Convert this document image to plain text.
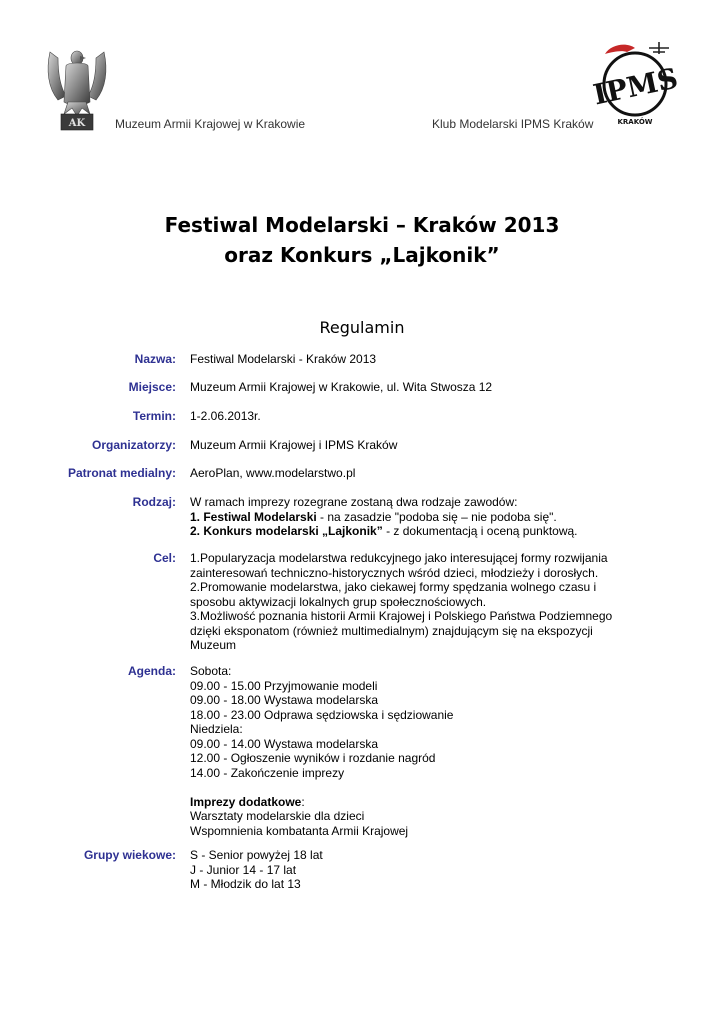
AK Muzeum Armii Krajowej w Krakowie	Klub Modelarski IPMS Kraków
IPMS
KRAKÓW
Festiwal Modelarski – Kraków 2013
oraz Konkurs „Lajkonik”
Regulamin
Nazwa: Festiwal Modelarski - Kraków 2013
Miejsce: Muzeum Armii Krajowej w Krakowie, ul. Wita Stwosza 12
Termin: 1-2.06.2013r.
Organizatorzy: Muzeum Armii Krajowej i IPMS Kraków
Patronat medialny: AeroPlan, www.modelarstwo.pl
Rodzaj: W ramach imprezy rozegrane zostaną dwa rodzaje zawodów:
1. Festiwal Modelarski - na zasadzie "podoba się – nie podoba się".
2. Konkurs modelarski „Lajkonik” - z dokumentacją i oceną punktową.
Cel: 1.Popularyzacja modelarstwa redukcyjnego jako interesującej formy rozwijania
zainteresowań techniczno-historycznych wśród dzieci, młodzieży i dorosłych.
2.Promowanie modelarstwa, jako ciekawej formy spędzania wolnego czasu i
sposobu aktywizacji lokalnych grup społecznościowych.
3.Możliwość poznania historii Armii Krajowej i Polskiego Państwa Podziemnego
dzięki eksponatom (również multimedialnym) znajdującym się na ekspozycji
Muzeum
Agenda: Sobota:
09.00 - 15.00 Przyjmowanie modeli
09.00 - 18.00 Wystawa modelarska
18.00 - 23.00 Odprawa sędziowska i sędziowanie
Niedziela:
09.00 - 14.00 Wystawa modelarska
12.00 - Ogłoszenie wyników i rozdanie nagród
14.00 - Zakończenie imprezy
Imprezy dodatkowe:
Warsztaty modelarskie dla dzieci
Wspomnienia kombatanta Armii Krajowej
Grupy wiekowe: S - Senior powyżej 18 lat
J - Junior 14 - 17 lat
M - Młodzik do lat 13
